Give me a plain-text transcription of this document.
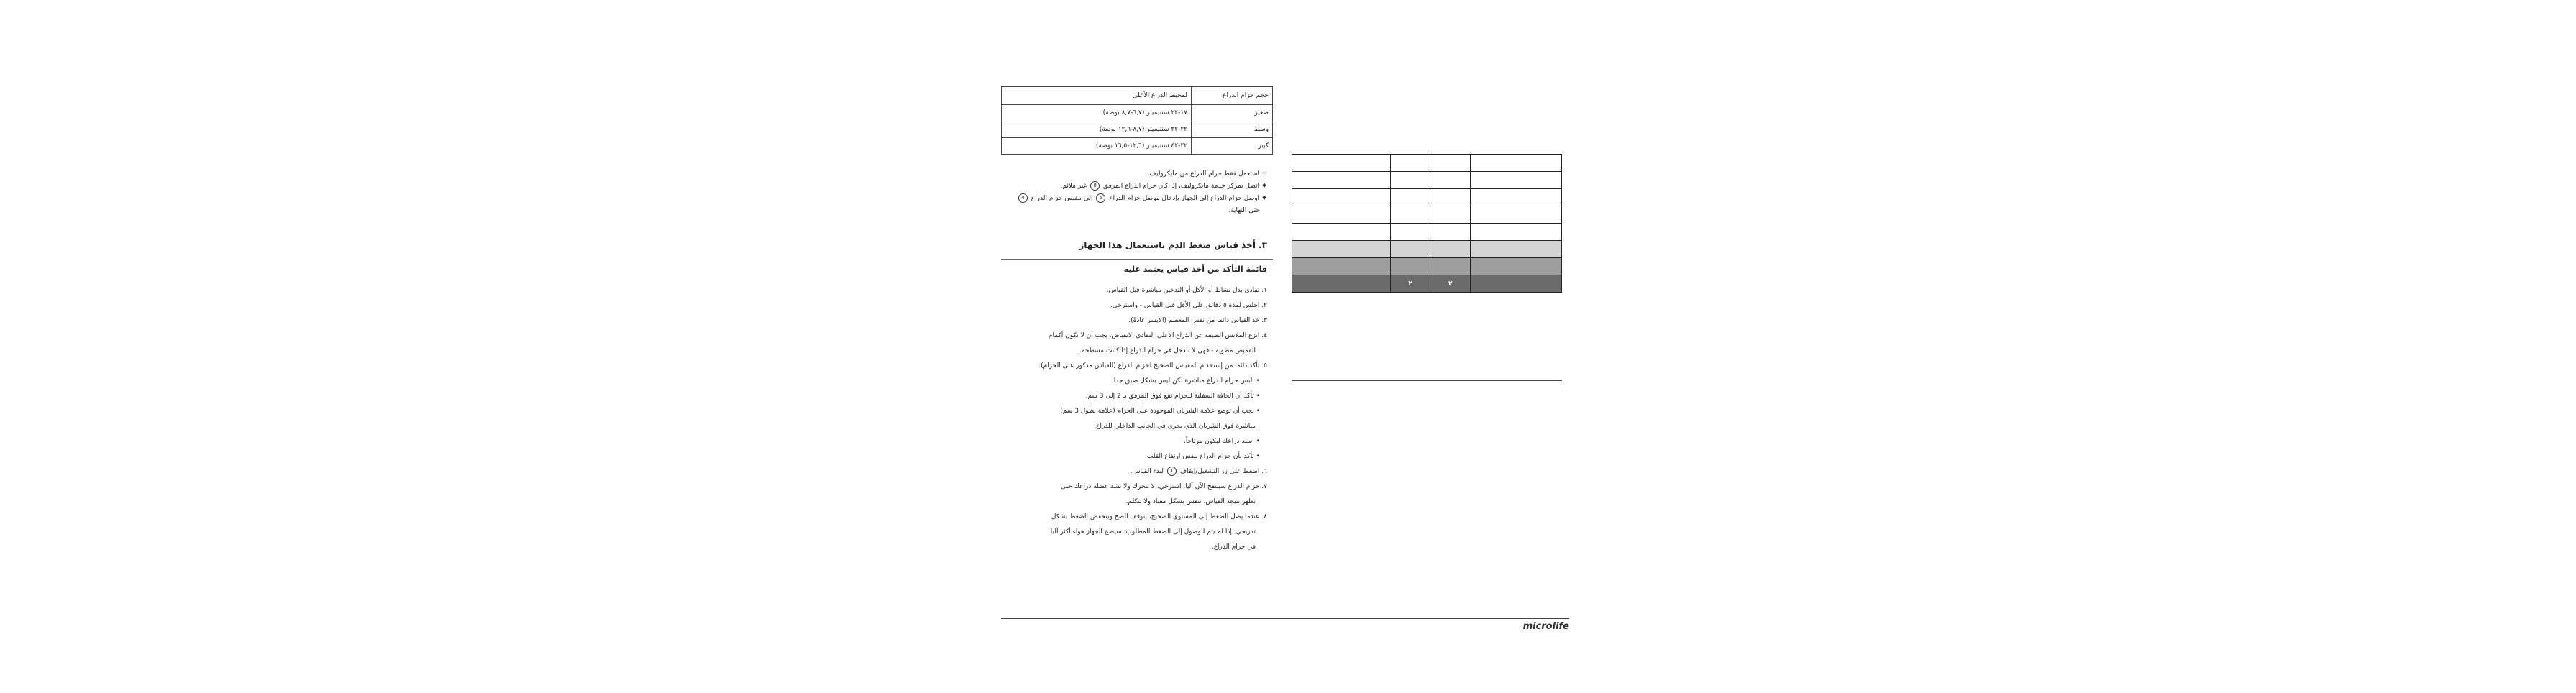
حجم حزام الذراع	لمحيط الذراع الأعلى
صغير	١٧-٢٢ سنتيميتر (٦,٧-٨,٧ بوصة)
وسط	٢٢-٣٢ سنتيميتر (٨,٧-١٢,٦ بوصة)
كبير	٣٢-٤٢ سنتيميتر (١٢,٦-١٦,٥ بوصة)
☜ استعمل فقط حزام الذراع من مايكروليف.
♦ اتصل بمركز خدمة مايكروليف، إذا كان حزام الذراع المرفق 8 غير ملائم.
♦ اوصل حزام الذراع إلى الجهاز بإدخال موصل حزام الذراع 5 إلى مقبس حزام الذراع 4
حتى النهاية.
٣. أخذ قياس ضغط الدم باستعمال هذا الجهاز
قائمة التأكد من أخذ قياس يعتمد عليه

١. تفادى بذل نشاط أو الأكل أو التدخين مباشرة قبل القياس.

٢. اجلس لمدة ٥ دقائق على الأقل قبل القياس - واسترخي.

٣. خذ القياس دائما من نفس المعصم (الأيسر عادةً).

٤. انزع الملابس الضيقة عن الذراع الأعلى. لتفادي الانقباض، يجب أن لا تكون أكمام

القميص مطوية - فهي لا تتدخل في حزام الذراع إذا كانت مسطحة.

٥. تأكد دائما من إستخدام المقياس الصحيح لحزام الذراع (القياس مذكور على الحزام).

• البس حزام الذراع مباشرة لكن ليس بشكل ضيق جدا.

• تأكد أن الحافة السفلية للحزام تقع فوق المرفق بـ 2 إلى 3 سم.

• يجب أن توضع علامة الشريان الموجودة على الحزام (علامة بطول 3 سم)

مباشرة فوق الشريان الذي يجري في الجانب الداخلي للذراع.

• اسند ذراعك ليكون مرتاحاً.

• تأكد بأن حزام الذراع بنفس ارتفاع القلب.

٦. اضغط على زر التشغيل/إيقاف 1 لبدء القياس.

٧. حزام الذراع سينتفخ الآن آليا. استرخي، لا تتحرك ولا تشد عضلة ذراعك حتى

تظهر نتيجة القياس. تنفس بشكل معتاد ولا تتكلم.

٨. عندما يصل الضغط إلى المستوى الصحيح، يتوقف الضخ وينخفض الضغط بشكل

تدريجي. إذا لم يتم الوصول إلى الضغط المطلوب، سيضخ الجهاز هواء أكثر آليا

في حزام الذراع.

	٢	٢	
microlife
